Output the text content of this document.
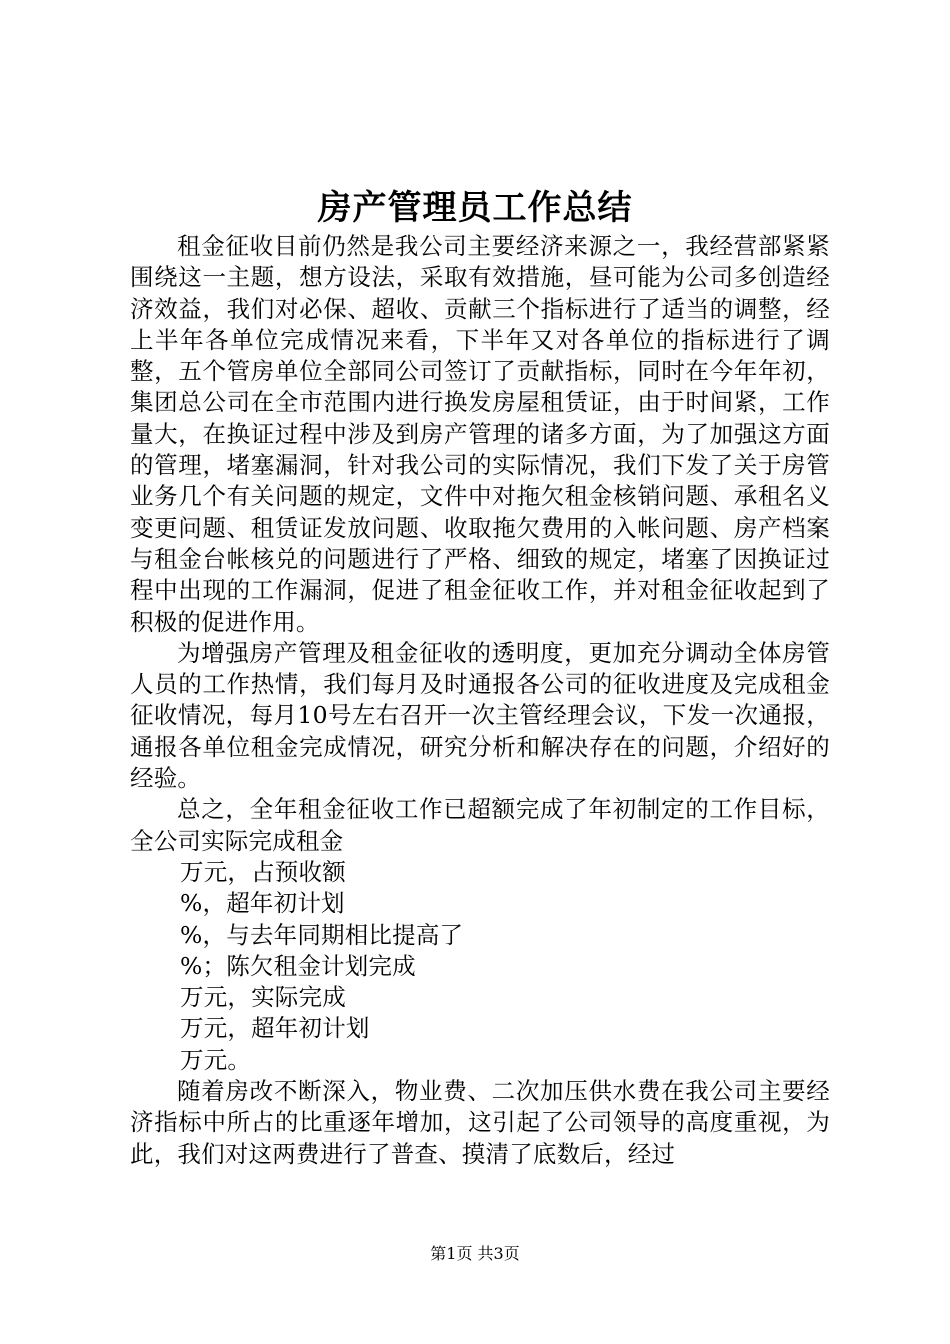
房产管理员工作总结

租金征收目前仍然是我公司主要经济来源之一，我经营部紧紧围绕这一主题，想方设法，采取有效措施，昼可能为公司多创造经济效益，我们对必保、超收、贡献三个指标进行了适当的调整，经上半年各单位完成情况来看，下半年又对各单位的指标进行了调整，五个管房单位全部同公司签订了贡献指标，同时在今年年初，集团总公司在全市范围内进行换发房屋租赁证，由于时间紧，工作量大，在换证过程中涉及到房产管理的诸多方面，为了加强这方面的管理，堵塞漏洞，针对我公司的实际情况，我们下发了关于房管业务几个有关问题的规定，文件中对拖欠租金核销问题、承租名义变更问题、租赁证发放问题、收取拖欠费用的入帐问题、房产档案与租金台帐核兑的问题进行了严格、细致的规定，堵塞了因换证过程中出现的工作漏洞，促进了租金征收工作，并对租金征收起到了积极的促进作用。

为增强房产管理及租金征收的透明度，更加充分调动全体房管人员的工作热情，我们每月及时通报各公司的征收进度及完成租金征收情况，每月10号左右召开一次主管经理会议，下发一次通报，通报各单位租金完成情况，研究分析和解决存在的问题，介绍好的经验。

总之，全年租金征收工作已超额完成了年初制定的工作目标，全公司实际完成租金

万元，占预收额

%，超年初计划

%，与去年同期相比提高了

%；陈欠租金计划完成

万元，实际完成

万元，超年初计划

万元。

随着房改不断深入，物业费、二次加压供水费在我公司主要经济指标中所占的比重逐年增加，这引起了公司领导的高度重视，为此，我们对这两费进行了普查、摸清了底数后，经过

第1页 共3页
